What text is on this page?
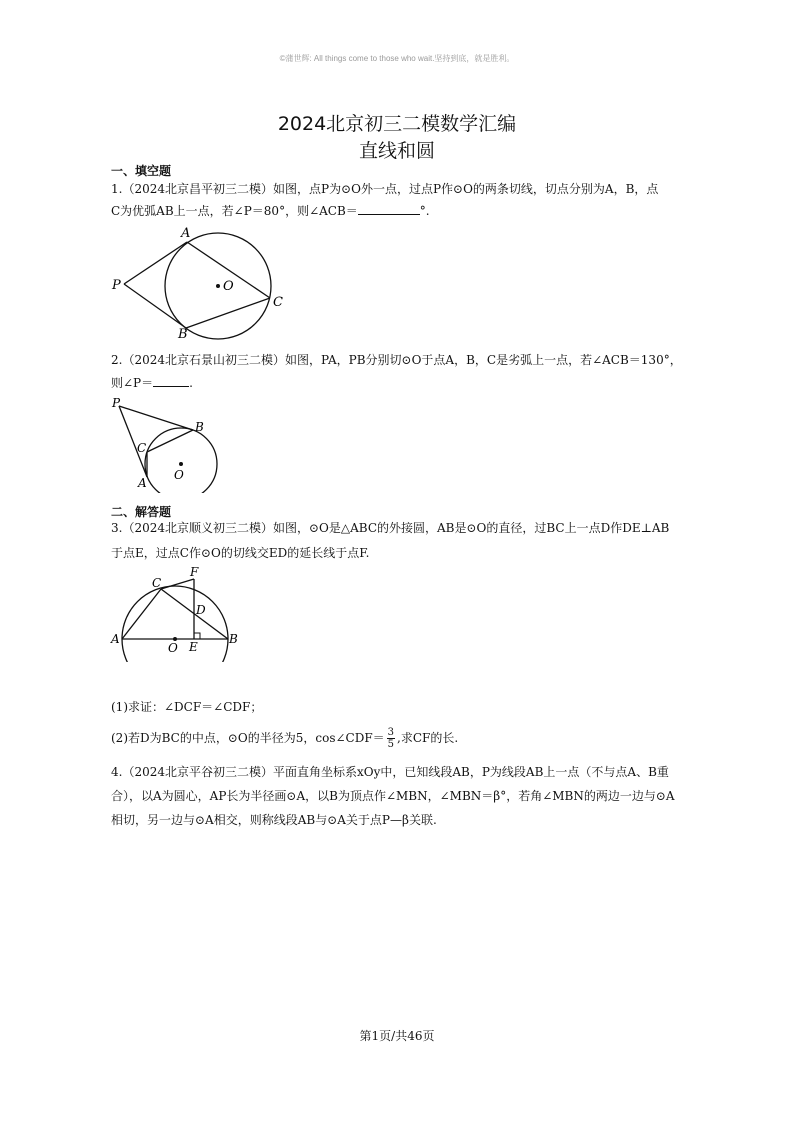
©蒲世辉: All things come to those who wait.坚持到底，就是胜利。
2024北京初三二模数学汇编
直线和圆
一、填空题
1.（2024北京昌平初三二模）如图，点P为⊙O外一点，过点P作⊙O的两条切线，切点分别为A，B，点
C为优弧AB上一点，若∠P＝80°，则∠ACB＝	°.
P
A
B
C
O
2.（2024北京石景山初三二模）如图，PA，PB分别切⊙O于点A，B，C是劣弧上一点，若∠ACB＝130°，
则∠P＝	.
P
B
C
A
O
二、解答题
3.（2024北京顺义初三二模）如图，⊙O是△ABC的外接圆，AB是⊙O的直径，过BC上一点D作DE⊥AB
于点E，过点C作⊙O的切线交ED的延长线于点F.
A	B
C
D
E
F
O
(1)求证：∠DCF＝∠CDF；
(2)若D为BC的中点，⊙O的半径为5，cos∠CDF＝ $\frac{3}{5}$ ,求CF的长.
4.（2024北京平谷初三二模）平面直角坐标系xOy中，已知线段AB，P为线段AB上一点（不与点A、B重
合），以A为圆心，AP长为半径画⊙A，以B为顶点作∠MBN，∠MBN＝β°，若角∠MBN的两边一边与⊙A
相切，另一边与⊙A相交，则称线段AB与⊙A关于点P—β关联.
第1页/共46页
